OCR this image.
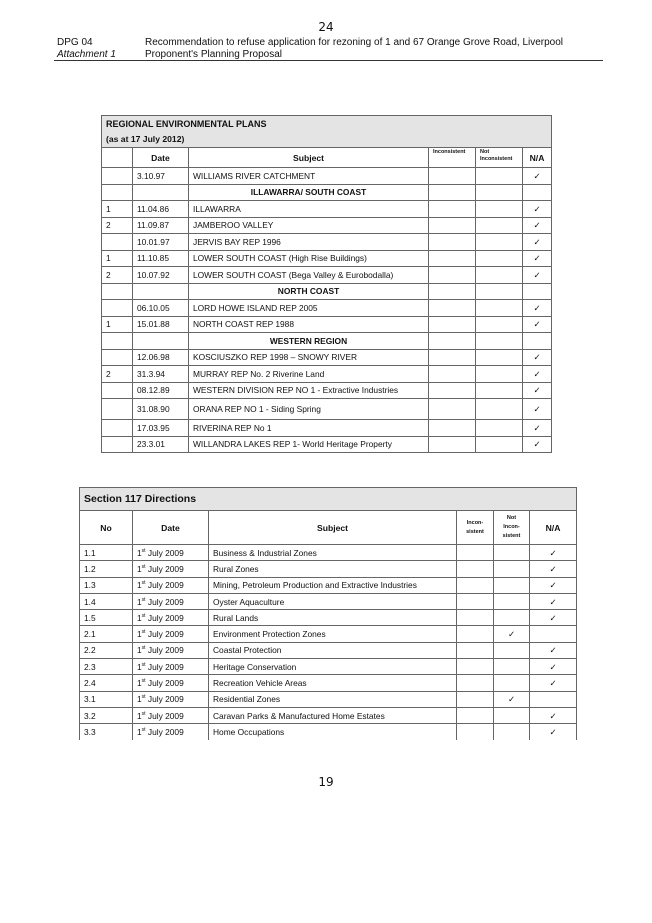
24
DPG 04
Attachment 1
Recommendation to refuse application for rezoning of 1 and 67 Orange Grove Road, Liverpool
Proponent's Planning Proposal
REGIONAL ENVIRONMENTAL PLANS					
(as at 17 July 2012)					
	Date	Subject	Inconsistent	Not Inconsistent	N/A
	3.10.97	WILLIAMS RIVER CATCHMENT			✓
		ILLAWARRA/ SOUTH COAST			
1	11.04.86	ILLAWARRA			✓
2	11.09.87	JAMBEROO VALLEY			✓
	10.01.97	JERVIS BAY REP 1996			✓
1	11.10.85	LOWER SOUTH COAST (High Rise Buildings)			✓
2	10.07.92	LOWER SOUTH COAST (Bega Valley & Eurobodalla)			✓
		NORTH COAST			
	06.10.05	LORD HOWE ISLAND REP 2005			✓
1	15.01.88	NORTH COAST REP 1988			✓
		WESTERN REGION			
	12.06.98	KOSCIUSZKO REP 1998 – SNOWY RIVER			✓
2	31.3.94	MURRAY REP No. 2 Riverine Land			✓
	08.12.89	WESTERN DIVISION REP NO 1 - Extractive Industries			✓
	31.08.90	ORANA REP NO 1 - Siding Spring			✓
	17.03.95	RIVERINA REP No 1			✓
	23.3.01	WILLANDRA LAKES REP 1- World Heritage Property			✓
Section 117 Directions					
No	Date	Subject	Incon-sistent	Not Incon-sistent	N/A
1.1	1st July 2009	Business & Industrial Zones			✓
1.2	1st July 2009	Rural Zones			✓
1.3	1st July 2009	Mining, Petroleum Production and Extractive Industries			✓
1.4	1st July 2009	Oyster Aquaculture			✓
1.5	1st July 2009	Rural Lands			✓
2.1	1st July 2009	Environment Protection Zones		✓	
2.2	1st July 2009	Coastal Protection			✓
2.3	1st July 2009	Heritage Conservation			✓
2.4	1st July 2009	Recreation Vehicle Areas			✓
3.1	1st July 2009	Residential Zones		✓	
3.2	1st July 2009	Caravan Parks & Manufactured Home Estates			✓
3.3	1st July 2009	Home Occupations			✓
19
